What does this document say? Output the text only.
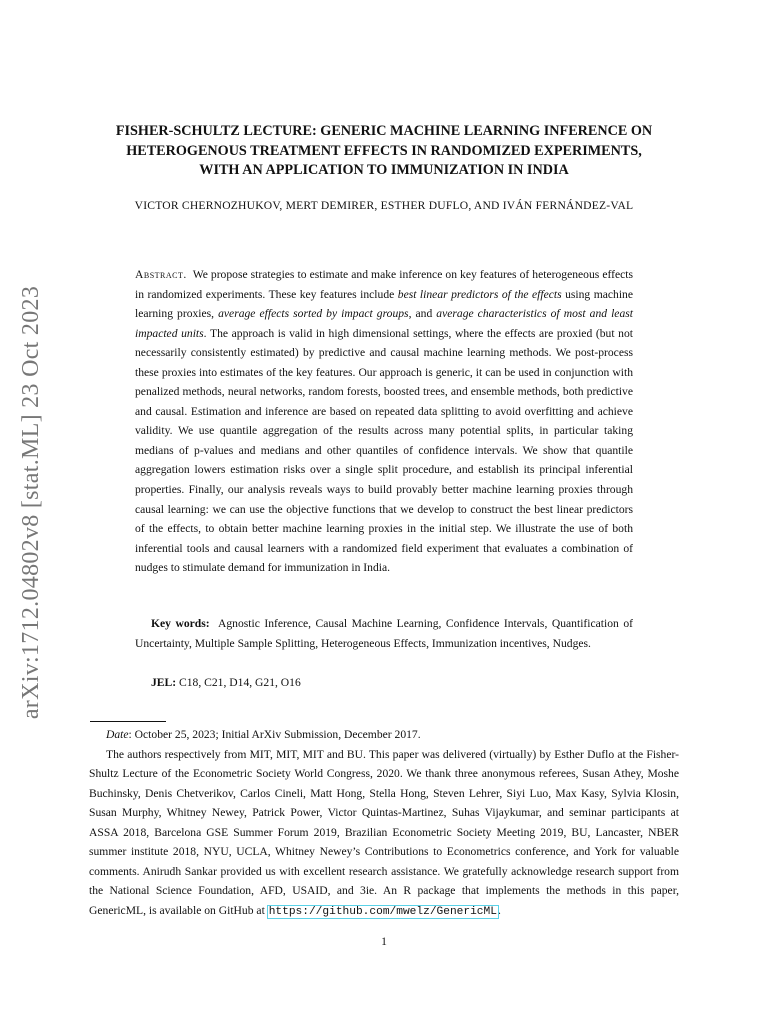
arXiv:1712.04802v8 [stat.ML] 23 Oct 2023
FISHER-SCHULTZ LECTURE: GENERIC MACHINE LEARNING INFERENCE ON
HETEROGENOUS TREATMENT EFFECTS IN RANDOMIZED EXPERIMENTS,
WITH AN APPLICATION TO IMMUNIZATION IN INDIA
VICTOR CHERNOZHUKOV, MERT DEMIRER, ESTHER DUFLO, AND IVÁN FERNÁNDEZ-VAL
Abstract. We propose strategies to estimate and make inference on key features of heterogeneous effects in randomized experiments. These key features include best linear predictors of the effects using machine learning proxies, average effects sorted by impact groups, and average characteristics of most and least impacted units. The approach is valid in high dimensional settings, where the effects are proxied (but not necessarily consistently estimated) by predictive and causal machine learning methods. We post-process these proxies into estimates of the key features. Our approach is generic, it can be used in conjunction with penalized methods, neural networks, random forests, boosted trees, and ensemble methods, both predictive and causal. Estimation and inference are based on repeated data splitting to avoid overfitting and achieve validity. We use quantile aggregation of the results across many potential splits, in particular taking medians of p-values and medians and other quantiles of confidence intervals. We show that quantile aggregation lowers estimation risks over a single split procedure, and establish its principal inferential properties. Finally, our analysis reveals ways to build provably better machine learning proxies through causal learning: we can use the objective functions that we develop to construct the best linear predictors of the effects, to obtain better machine learning proxies in the initial step. We illustrate the use of both inferential tools and causal learners with a randomized field experiment that evaluates a combination of nudges to stimulate demand for immunization in India.
Key words: Agnostic Inference, Causal Machine Learning, Confidence Intervals, Quantification of Uncertainty, Multiple Sample Splitting, Heterogeneous Effects, Immunization incentives, Nudges.
JEL: C18, C21, D14, G21, O16

Date: October 25, 2023; Initial ArXiv Submission, December 2017.

The authors respectively from MIT, MIT, MIT and BU. This paper was delivered (virtually) by Esther Duflo at the Fisher-Shultz Lecture of the Econometric Society World Congress, 2020. We thank three anonymous referees, Susan Athey, Moshe Buchinsky, Denis Chetverikov, Carlos Cineli, Matt Hong, Stella Hong, Steven Lehrer, Siyi Luo, Max Kasy, Sylvia Klosin, Susan Murphy, Whitney Newey, Patrick Power, Victor Quintas-Martinez, Suhas Vijaykumar, and seminar participants at ASSA 2018, Barcelona GSE Summer Forum 2019, Brazilian Econometric Society Meeting 2019, BU, Lancaster, NBER summer institute 2018, NYU, UCLA, Whitney Newey’s Contributions to Econometrics conference, and York for valuable comments. Anirudh Sankar provided us with excellent research assistance. We gratefully acknowledge research support from the National Science Foundation, AFD, USAID, and 3ie. An R package that implements the methods in this paper, GenericML, is available on GitHub at https://github.com/mwelz/GenericML.

1
